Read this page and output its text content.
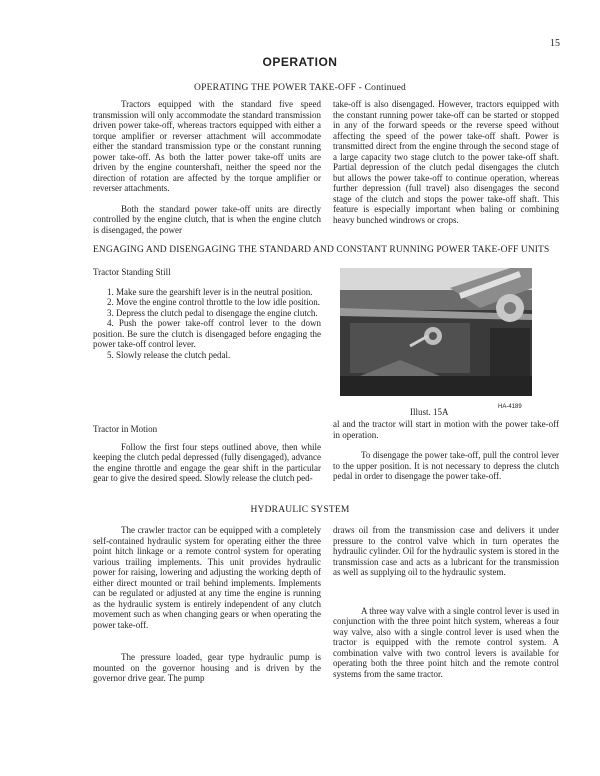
15
OPERATION
OPERATING THE POWER TAKE-OFF - Continued

Tractors equipped with the standard five speed transmission will only accommodate the standard transmission driven power take-off, whereas tractors equipped with either a torque amplifier or reverser attachment will accommodate either the standard transmission type or the constant running power take-off. As both the latter power take-off units are driven by the engine countershaft, neither the speed nor the direction of rotation are affected by the torque amplifier or reverser attachments.

Both the standard power take-off units are directly controlled by the engine clutch, that is when the engine clutch is disengaged, the power

take-off is also disengaged. However, tractors equipped with the constant running power take-off can be started or stopped in any of the forward speeds or the reverse speed without affecting the speed of the power take-off shaft. Power is transmitted direct from the engine through the second stage of a large capacity two stage clutch to the power take-off shaft. Partial depression of the clutch pedal disengages the clutch but allows the power take-off to continue operation, whereas further depression (full travel) also disengages the second stage of the clutch and stops the power take-off shaft. This feature is especially important when baling or combining heavy bunched windrows or crops.

ENGAGING AND DISENGAGING THE STANDARD AND CONSTANT RUNNING POWER TAKE-OFF UNITS

Tractor Standing Still

1. Make sure the gearshift lever is in the neutral position.

2. Move the engine control throttle to the low idle position.

3. Depress the clutch pedal to disengage the engine clutch.

4. Push the power take-off control lever to the down position. Be sure the clutch is disengaged before engaging the power take-off control lever.

5. Slowly release the clutch pedal.

Illust. 15A	HA-4189

Tractor in Motion

Follow the first four steps outlined above, then while keeping the clutch pedal depressed (fully disengaged), advance the engine throttle and engage the gear shift in the particular gear to give the desired speed. Slowly release the clutch ped-

al and the tractor will start in motion with the power take-off in operation.

To disengage the power take-off, pull the control lever to the upper position. It is not necessary to depress the clutch pedal in order to disengage the power take-off.

HYDRAULIC SYSTEM

The crawler tractor can be equipped with a completely self-contained hydraulic system for operating either the three point hitch linkage or a remote control system for operating various trailing implements. This unit provides hydraulic power for raising, lowering and adjusting the working depth of either direct mounted or trail behind implements. Implements can be regulated or adjusted at any time the engine is running as the hydraulic system is entirely independent of any clutch movement such as when changing gears or when operating the power take-off.

The pressure loaded, gear type hydraulic pump is mounted on the governor housing and is driven by the governor drive gear. The pump

draws oil from the transmission case and delivers it under pressure to the control valve which in turn operates the hydraulic cylinder. Oil for the hydraulic system is stored in the transmission case and acts as a lubricant for the transmission as well as supplying oil to the hydraulic system.

A three way valve with a single control lever is used in conjunction with the three point hitch system, whereas a four way valve, also with a single control lever is used when the tractor is equipped with the remote control system. A combination valve with two control levers is available for operating both the three point hitch and the remote control systems from the same tractor.
